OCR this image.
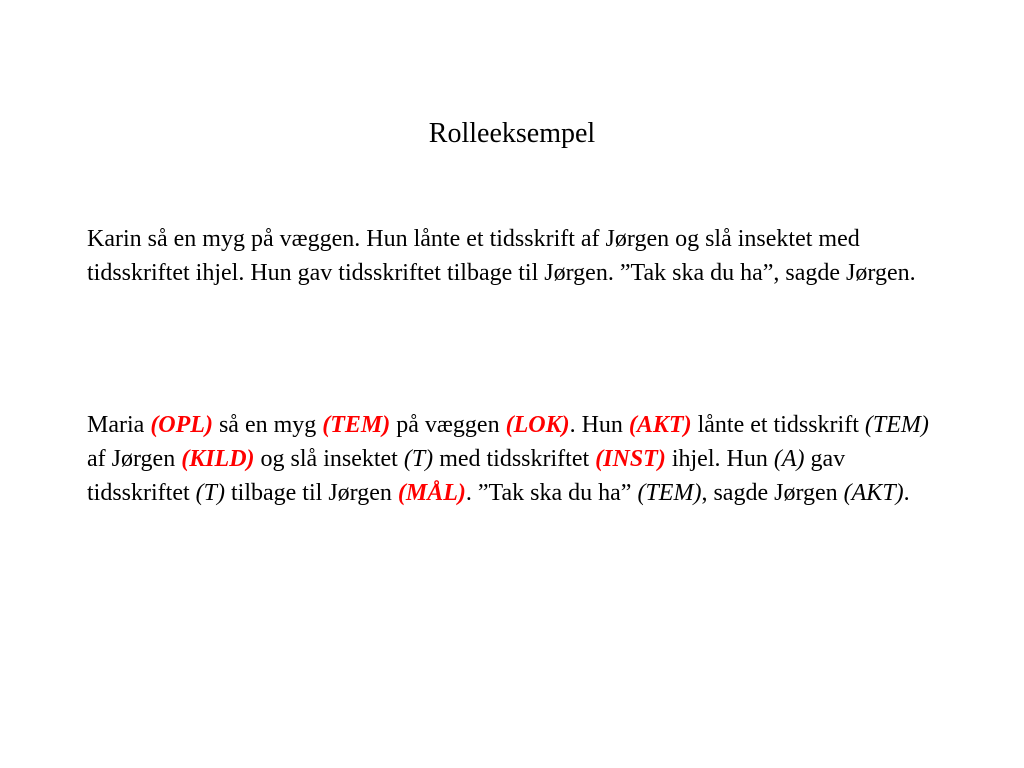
Rolleeksempel

Karin så en myg på væggen. Hun lånte et tidsskrift af Jørgen og slå insektet med tidsskriftet ihjel. Hun gav tidsskriftet tilbage til Jørgen. ”Tak ska du ha”, sagde Jørgen.

Maria (OPL) så en myg (TEM) på væggen (LOK). Hun (AKT) lånte et tidsskrift (TEM) af Jørgen (KILD) og slå insektet (T) med tidsskriftet (INST) ihjel. Hun (A) gav tidsskriftet (T) tilbage til Jørgen (MÅL). ”Tak ska du ha” (TEM), sagde Jørgen (AKT).
